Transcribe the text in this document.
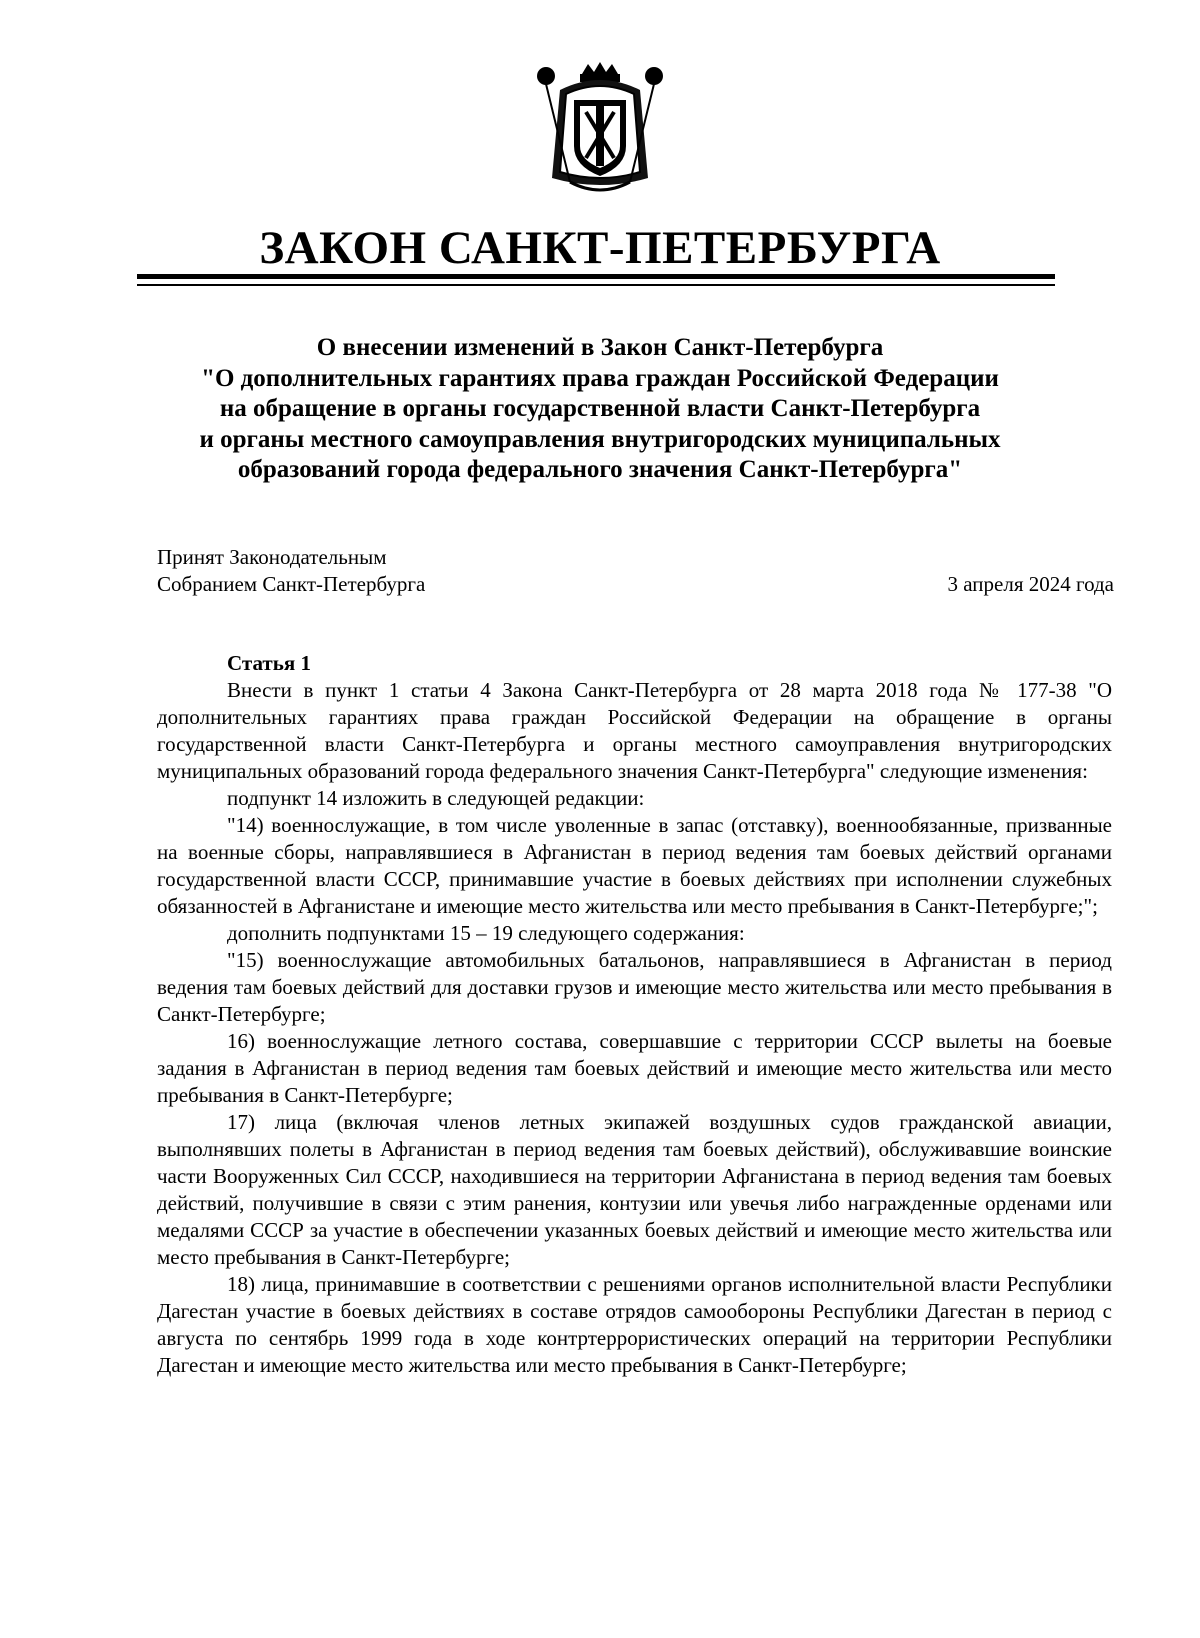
ЗАКОН САНКТ-ПЕТЕРБУРГА
О внесении изменений в Закон Санкт-Петербурга
"О дополнительных гарантиях права граждан Российской Федерации
на обращение в органы государственной власти Санкт-Петербурга
и органы местного самоуправления внутригородских муниципальных
образований города федерального значения Санкт-Петербурга"
Принят Законодательным
Собранием Санкт-Петербурга	3 апреля 2024 года
Статья 1

Внести в пункт 1 статьи 4 Закона Санкт-Петербурга от 28 марта 2018 года № 177-38 "О дополнительных гарантиях права граждан Российской Федерации на обращение в органы государственной власти Санкт-Петербурга и органы местного самоуправления внутригородских муниципальных образований города федерального значения Санкт-Петербурга" следующие изменения:

подпункт 14 изложить в следующей редакции:

"14) военнослужащие, в том числе уволенные в запас (отставку), военнообязанные, призванные на военные сборы, направлявшиеся в Афганистан в период ведения там боевых действий органами государственной власти СССР, принимавшие участие в боевых действиях при исполнении служебных обязанностей в Афганистане и имеющие место жительства или место пребывания в Санкт-Петербурге;";

дополнить подпунктами 15 – 19 следующего содержания:

"15) военнослужащие автомобильных батальонов, направлявшиеся в Афганистан в период ведения там боевых действий для доставки грузов и имеющие место жительства или место пребывания в Санкт-Петербурге;

16) военнослужащие летного состава, совершавшие с территории СССР вылеты на боевые задания в Афганистан в период ведения там боевых действий и имеющие место жительства или место пребывания в Санкт-Петербурге;

17) лица (включая членов летных экипажей воздушных судов гражданской авиации, выполнявших полеты в Афганистан в период ведения там боевых действий), обслуживавшие воинские части Вооруженных Сил СССР, находившиеся на территории Афганистана в период ведения там боевых действий, получившие в связи с этим ранения, контузии или увечья либо награжденные орденами или медалями СССР за участие в обеспечении указанных боевых действий и имеющие место жительства или место пребывания в Санкт-Петербурге;

18) лица, принимавшие в соответствии с решениями органов исполнительной власти Республики Дагестан участие в боевых действиях в составе отрядов самообороны Республики Дагестан в период с августа по сентябрь 1999 года в ходе контртеррористических операций на территории Республики Дагестан и имеющие место жительства или место пребывания в Санкт-Петербурге;
